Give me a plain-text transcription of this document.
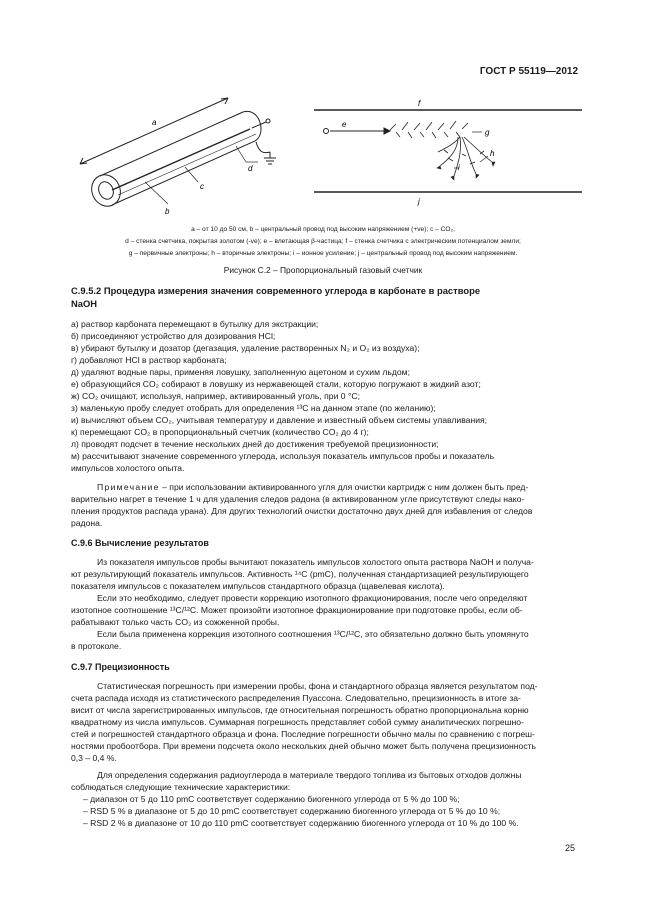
ГОСТ Р 55119—2012
a
b
c
d
f
e
g
h
i
j
a – от 10 до 50 см, b – центральный провод под высоким напряжением (+ve); c – CO₂;
d – стенка счетчика, покрытая золотом (-ve); e – влетающая β-частица; f – стенка счетчика с электрическим потенциалом земли;
g – первичные электроны; h – вторичные электроны; i – ионное усиление; j – центральный провод под высоким напряжением.
Рисунок С.2 – Пропорциональный газовый счетчик
С.9.5.2 Процедура измерения значения современного углерода в карбонате в растворе
NaOH
а) раствор карбоната перемещают в бутылку для экстракции;
б) присоединяют устройство для дозирования HCl;
в) убирают бутылку и дозатор (дегазация, удаление растворенных N₂ и O₂ из воздуха);
г) добавляют HCl в раствор карбоната;
д) удаляют водные пары, применяя ловушку, заполненную ацетоном и сухим льдом;
е) образующийся CO₂ собирают в ловушку из нержавеющей стали, которую погружают в жидкий азот;
ж) CO₂ очищают, используя, например, активированный уголь, при 0 °C;
з) маленькую пробу следует отобрать для определения ¹³C на данном этапе (по желанию);
и) вычисляют объем CO₂, учитывая температуру и давление и известный объем системы улавливания;
к) перемещают CO₂ в пропорциональный счетчик (количество CO₂ до 4 г);
л) проводят подсчет в течение нескольких дней до достижения требуемой прецизионности;
м) рассчитывают значение современного углерода, используя показатель импульсов пробы и показатель
импульсов холостого опыта.
Примечание – при использовании активированного угля для очистки картридж с ним должен быть пред-
варительно нагрет в течение 1 ч для удаления следов радона (в активированном угле присутствуют следы нако-
пления продуктов распада урана). Для других технологий очистки достаточно двух дней для избавления от следов
радона.
С.9.6 Вычисление результатов
Из показателя импульсов пробы вычитают показатель импульсов холостого опыта раствора NaOH и получа-
ют результирующий показатель импульсов. Активность ¹⁴C (pmC), полученная стандартизацией результирующего
показателя импульсов с показателем импульсов стандартного образца (щавелевая кислота).
Если это необходимо, следует провести коррекцию изотопного фракционирования, после чего определяют
изотопное соотношение ¹³C/¹²C. Может произойти изотопное фракционирование при подготовке пробы, если об-
рабатывают только часть CO₂ из сожженной пробы.
Если была применена коррекция изотопного соотношения ¹³C/¹²C, это обязательно должно быть упомянуто
в протоколе.
С.9.7 Прецизионность
Статистическая погрешность при измерении пробы, фона и стандартного образца является результатом под-
счета распада исходя из статистического распределения Пуассона. Следовательно, прецизионность в итоге за-
висит от числа зарегистрированных импульсов, где относительная погрешность обратно пропорциональна корню
квадратному из числа импульсов. Суммарная погрешность представляет собой сумму аналитических погрешно-
стей и погрешностей стандартного образца и фона. Последние погрешности обычно малы по сравнению с погреш-
ностями пробоотбора. При времени подсчета около нескольких дней обычно может быть получена прецизионность
0,3 – 0,4 %.
Для определения содержания радиоуглерода в материале твердого топлива из бытовых отходов должны
соблюдаться следующие технические характеристики:
– диапазон от 5 до 110 pmC соответствует содержанию биогенного углерода от 5 % до 100 %;
– RSD 5 % в диапазоне от 5 до 10 pmC соответствует содержанию биогенного углерода от 5 % до 10 %;
– RSD 2 % в диапазоне от 10 до 110 pmC соответствует содержанию биогенного углерода от 10 % до 100 %.
25
